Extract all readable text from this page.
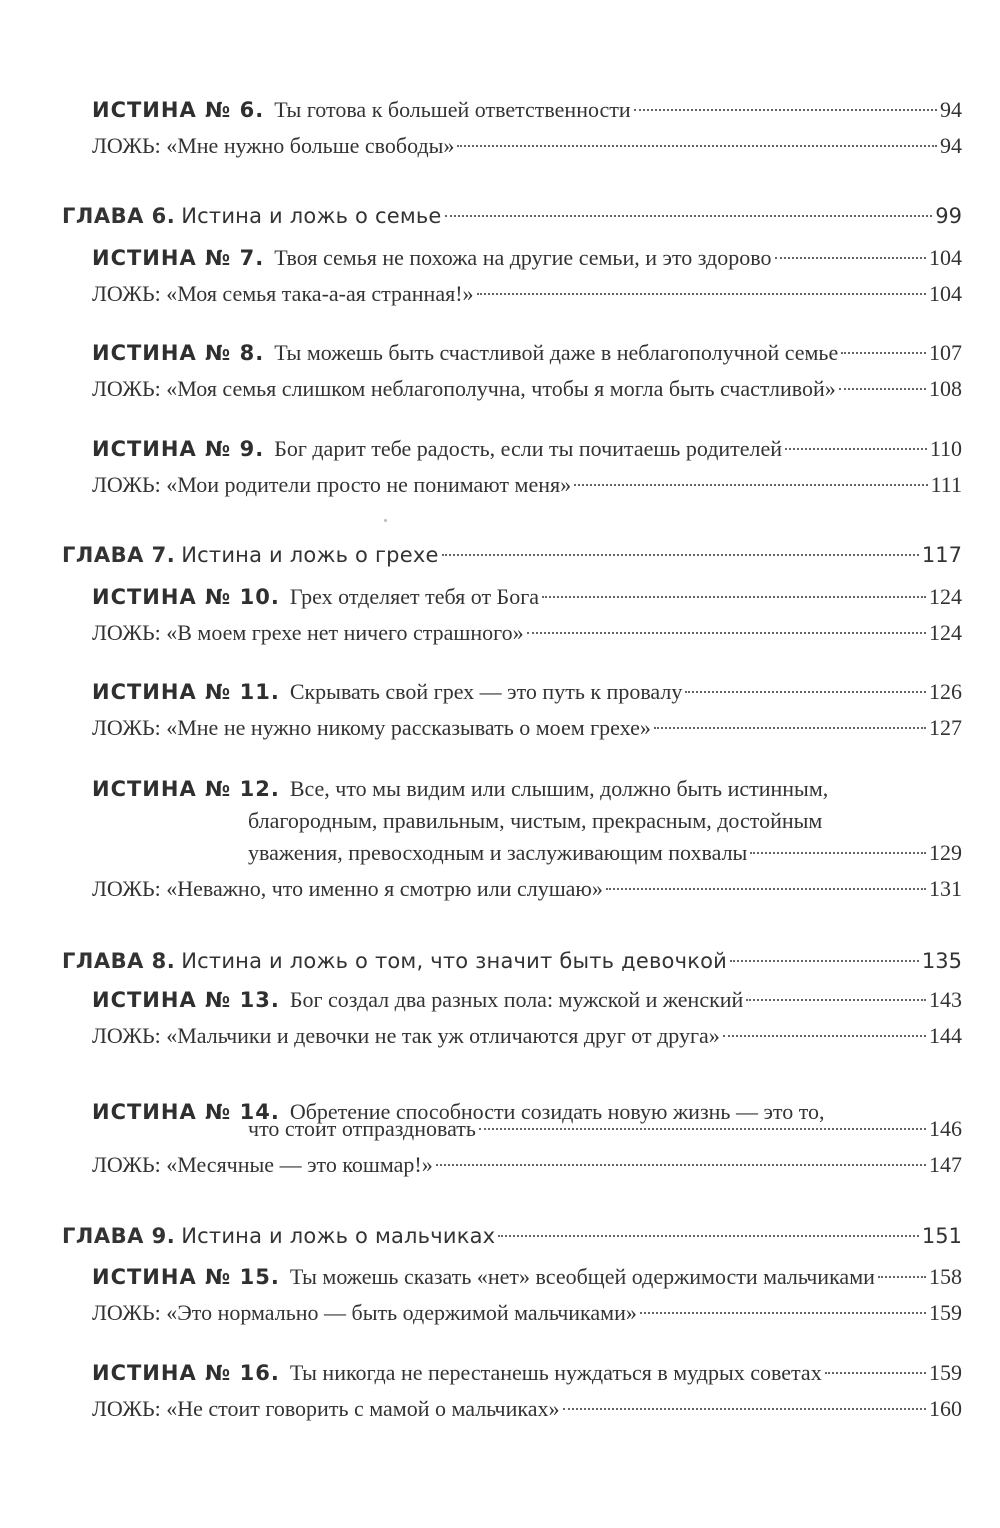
ИСТИНА № 6. Ты готова к большей ответственности	94
ЛОЖЬ: «Мне нужно больше свободы»	94
ГЛАВА 6. Истина и ложь о семье	99
ИСТИНА № 7. Твоя семья не похожа на другие семьи, и это здорово	104
ЛОЖЬ: «Моя семья така-а-ая странная!»	104
ИСТИНА № 8. Ты можешь быть счастливой даже в неблагополучной семье	107
ЛОЖЬ: «Моя семья слишком неблагополучна, чтобы я могла быть счастливой»	108
ИСТИНА № 9. Бог дарит тебе радость, если ты почитаешь родителей	110
ЛОЖЬ: «Мои родители просто не понимают меня»	111
ГЛАВА 7. Истина и ложь о грехе	117
ИСТИНА № 10. Грех отделяет тебя от Бога	124
ЛОЖЬ: «В моем грехе нет ничего страшного»	124
ИСТИНА № 11. Скрывать свой грех — это путь к провалу	126
ЛОЖЬ: «Мне не нужно никому рассказывать о моем грехе»	127
ИСТИНА № 12. Все, что мы видим или слышим, должно быть истинным,
благородным, правильным, чистым, прекрасным, достойным
уважения, превосходным и заслуживающим похвалы	129
ЛОЖЬ: «Неважно, что именно я смотрю или слушаю»	131
ГЛАВА 8. Истина и ложь о том, что значит быть девочкой	135
ИСТИНА № 13. Бог создал два разных пола: мужской и женский	143
ЛОЖЬ: «Мальчики и девочки не так уж отличаются друг от друга»	144
ИСТИНА № 14. Обретение способности созидать новую жизнь — это то,
что стоит отпраздновать	146
ЛОЖЬ: «Месячные — это кошмар!»	147
ГЛАВА 9. Истина и ложь о мальчиках	151
ИСТИНА № 15. Ты можешь сказать «нет» всеобщей одержимости мальчиками 158
ЛОЖЬ: «Это нормально — быть одержимой мальчиками»	159
ИСТИНА № 16. Ты никогда не перестанешь нуждаться в мудрых советах	159
ЛОЖЬ: «Не стоит говорить с мамой о мальчиках»	160
